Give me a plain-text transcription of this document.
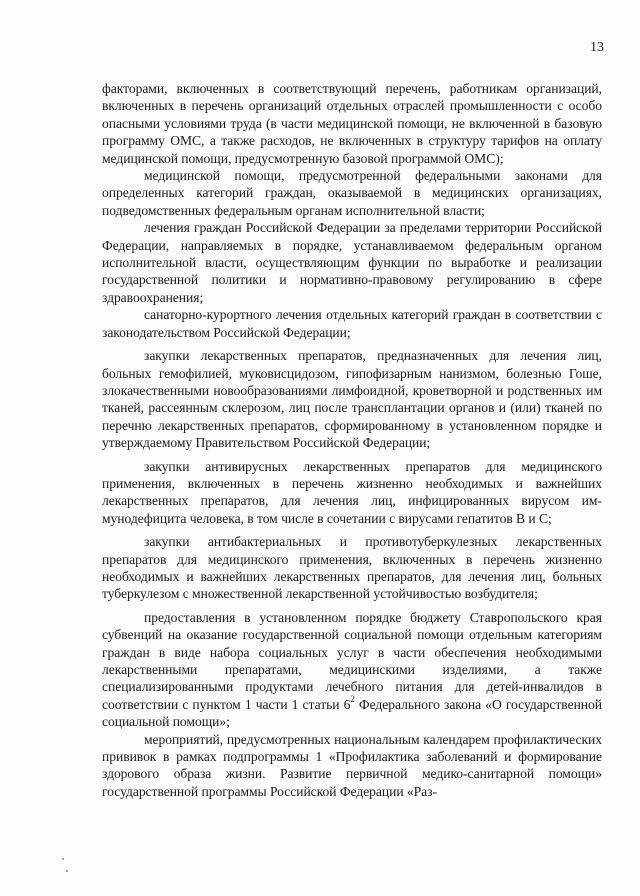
13

факторами, включенных в соответствующий перечень, работникам организаций, включенных в перечень организаций отдельных отраслей промышленности с особо опасными условиями труда (в части медицинской помощи, не включенной в базовую программу ОМС, а также расходов, не включенных в структуру тарифов на оплату медицинской помощи, предусмотренную базовой программой ОМС);

медицинской помощи, предусмотренной федеральными законами для определенных категорий граждан, оказываемой в медицинских организациях, подведомственных федеральным органам исполнительной власти;

лечения граждан Российской Федерации за пределами территории Российской Федерации, направляемых в порядке, устанавливаемом федеральным органом исполнительной власти, осуществляющим функции по выработке и реализации государственной политики и нормативно-правовому регулированию в сфере здравоохранения;

санаторно-курортного лечения отдельных категорий граждан в соответствии с законодательством Российской Федерации;

закупки лекарственных препаратов, предназначенных для лечения лиц, больных гемофилией, муковисцидозом, гипофизарным нанизмом, болезнью Гоше, злокачественными новообразованиями лимфоидной, кроветворной и родственных им тканей, рассеянным склерозом, лиц после трансплантации органов и (или) тканей по перечню лекарственных препаратов, сформированному в установленном порядке и утверждаемому Правительством Российской Федерации;

закупки антивирусных лекарственных препаратов для медицинского применения, включенных в перечень жизненно необходимых и важнейших лекарственных препаратов, для лечения лиц, инфицированных вирусом иммунодефицита человека, в том числе в сочетании с вирусами гепатитов В и С;

закупки антибактериальных и противотуберкулезных лекарственных препаратов для медицинского применения, включенных в перечень жизненно необходимых и важнейших лекарственных препаратов, для лечения лиц, больных туберкулезом с множественной лекарственной устойчивостью возбудителя;

предоставления в установленном порядке бюджету Ставропольского края субвенций на оказание государственной социальной помощи отдельным категориям граждан в виде набора социальных услуг в части обеспечения необходимыми лекарственными препаратами, медицинскими изделиями, а также специализированными продуктами лечебного питания для детей-инвалидов в соответствии с пунктом 1 части 1 статьи $6^2$ Федерального закона «О государственной социальной помощи»;

мероприятий, предусмотренных национальным календарем профилактических прививок в рамках подпрограммы 1 «Профилактика заболеваний и формирование здорового образа жизни. Развитие первичной медико-санитарной помощи» государственной программы Российской Федерации «Раз-
